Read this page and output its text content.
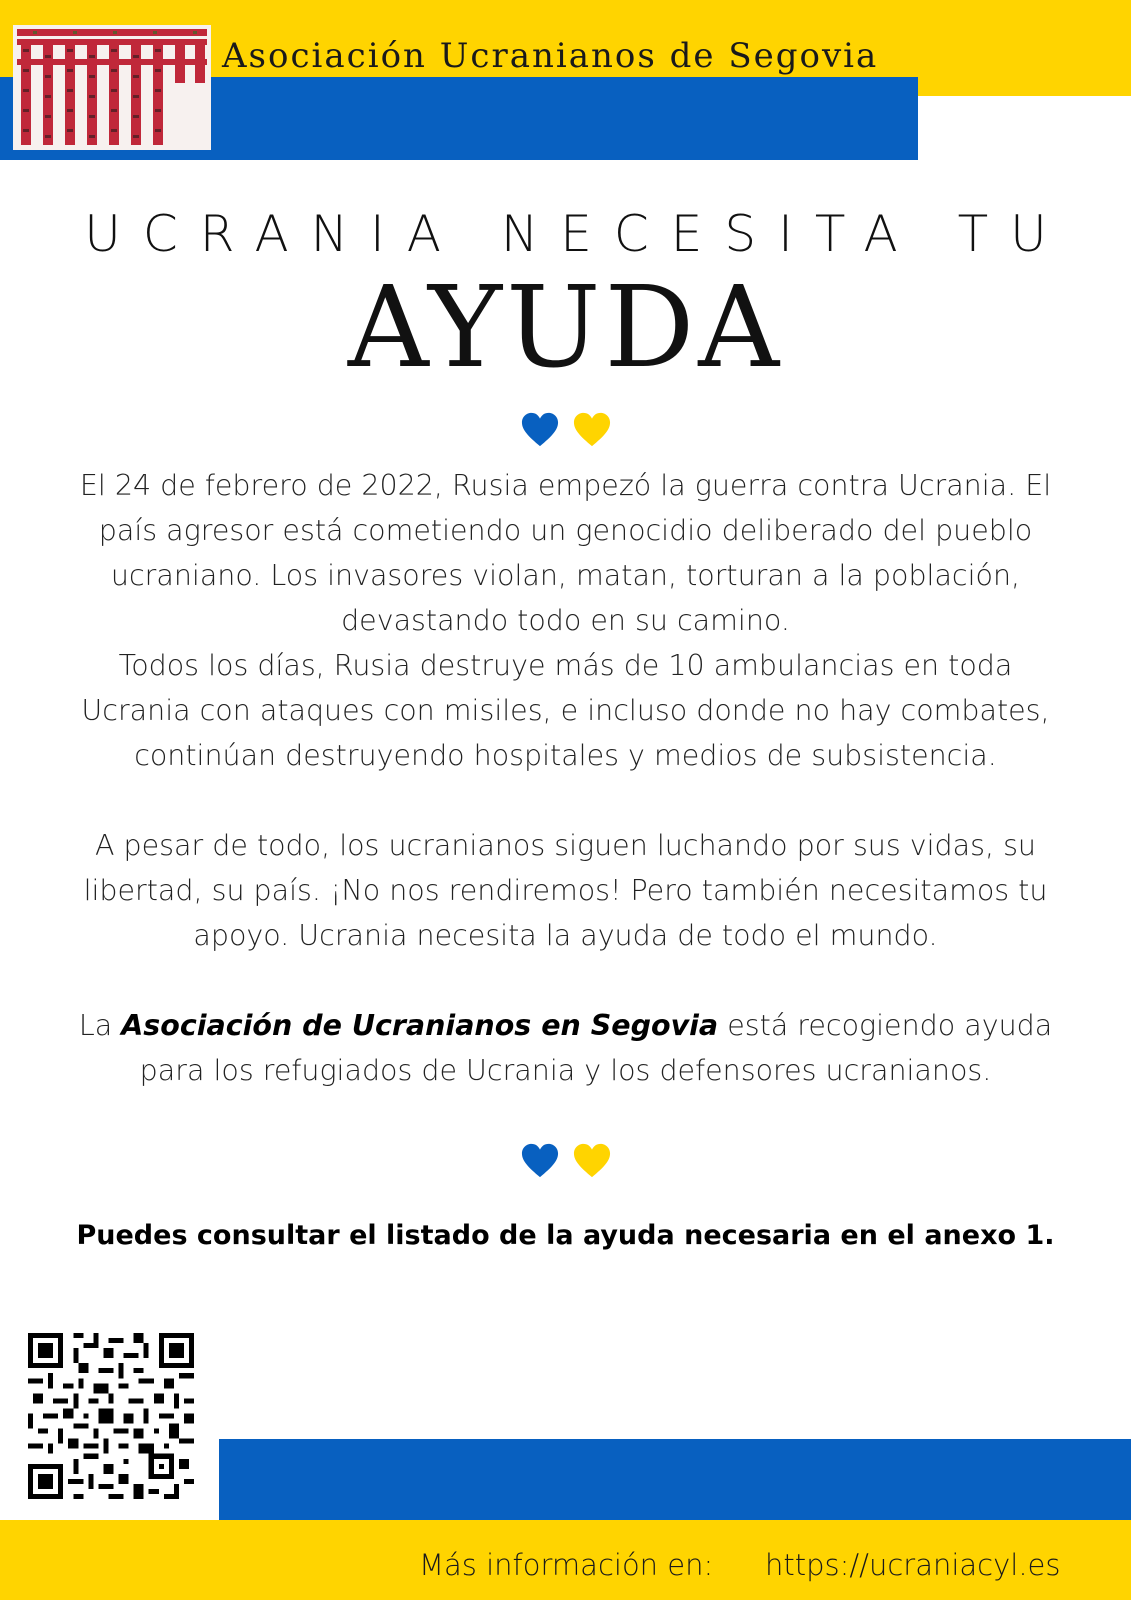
Asociación Ucranianos de Segovia
UCRANIA NECESITA TU
AYUDA

El 24 de febrero de 2022, Rusia empezó la guerra contra Ucrania. El país agresor está cometiendo un genocidio deliberado del pueblo ucraniano. Los invasores violan, matan, torturan a la población, devastando todo en su camino.

Todos los días, Rusia destruye más de 10 ambulancias en toda Ucrania con ataques con misiles, e incluso donde no hay combates, continúan destruyendo hospitales y medios de subsistencia.

A pesar de todo, los ucranianos siguen luchando por sus vidas, su libertad, su país. ¡No nos rendiremos! Pero también necesitamos tu apoyo. Ucrania necesita la ayuda de todo el mundo.

La Asociación de Ucranianos en Segovia está recogiendo ayuda para los refugiados de Ucrania y los defensores ucranianos.

Puedes consultar el listado de la ayuda necesaria en el anexo 1.
Más información en: https://ucraniacyl.es
